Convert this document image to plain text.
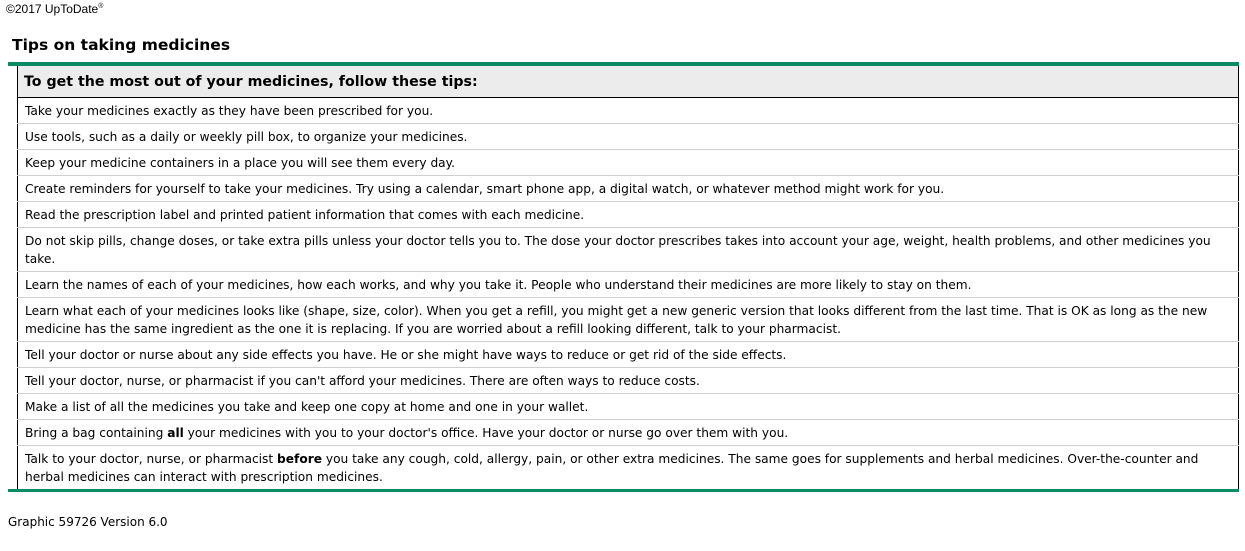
©2017 UpToDate®
Tips on taking medicines
	To get the most out of your medicines, follow these tips:
	Take your medicines exactly as they have been prescribed for you.
	Use tools, such as a daily or weekly pill box, to organize your medicines.
	Keep your medicine containers in a place you will see them every day.
	Create reminders for yourself to take your medicines. Try using a calendar, smart phone app, a digital watch, or whatever method might work for you.
	Read the prescription label and printed patient information that comes with each medicine.
	Do not skip pills, change doses, or take extra pills unless your doctor tells you to. The dose your doctor prescribes takes into account your age, weight, health problems, and other medicines you take.
	Learn the names of each of your medicines, how each works, and why you take it. People who understand their medicines are more likely to stay on them.
	Learn what each of your medicines looks like (shape, size, color). When you get a refill, you might get a new generic version that looks different from the last time. That is OK as long as the new medicine has the same ingredient as the one it is replacing. If you are worried about a refill looking different, talk to your pharmacist.
	Tell your doctor or nurse about any side effects you have. He or she might have ways to reduce or get rid of the side effects.
	Tell your doctor, nurse, or pharmacist if you can't afford your medicines. There are often ways to reduce costs.
	Make a list of all the medicines you take and keep one copy at home and one in your wallet.
	Bring a bag containing all your medicines with you to your doctor's office. Have your doctor or nurse go over them with you.
	Talk to your doctor, nurse, or pharmacist before you take any cough, cold, allergy, pain, or other extra medicines. The same goes for supplements and herbal medicines. Over-the-counter and herbal medicines can interact with prescription medicines.
Graphic 59726 Version 6.0
